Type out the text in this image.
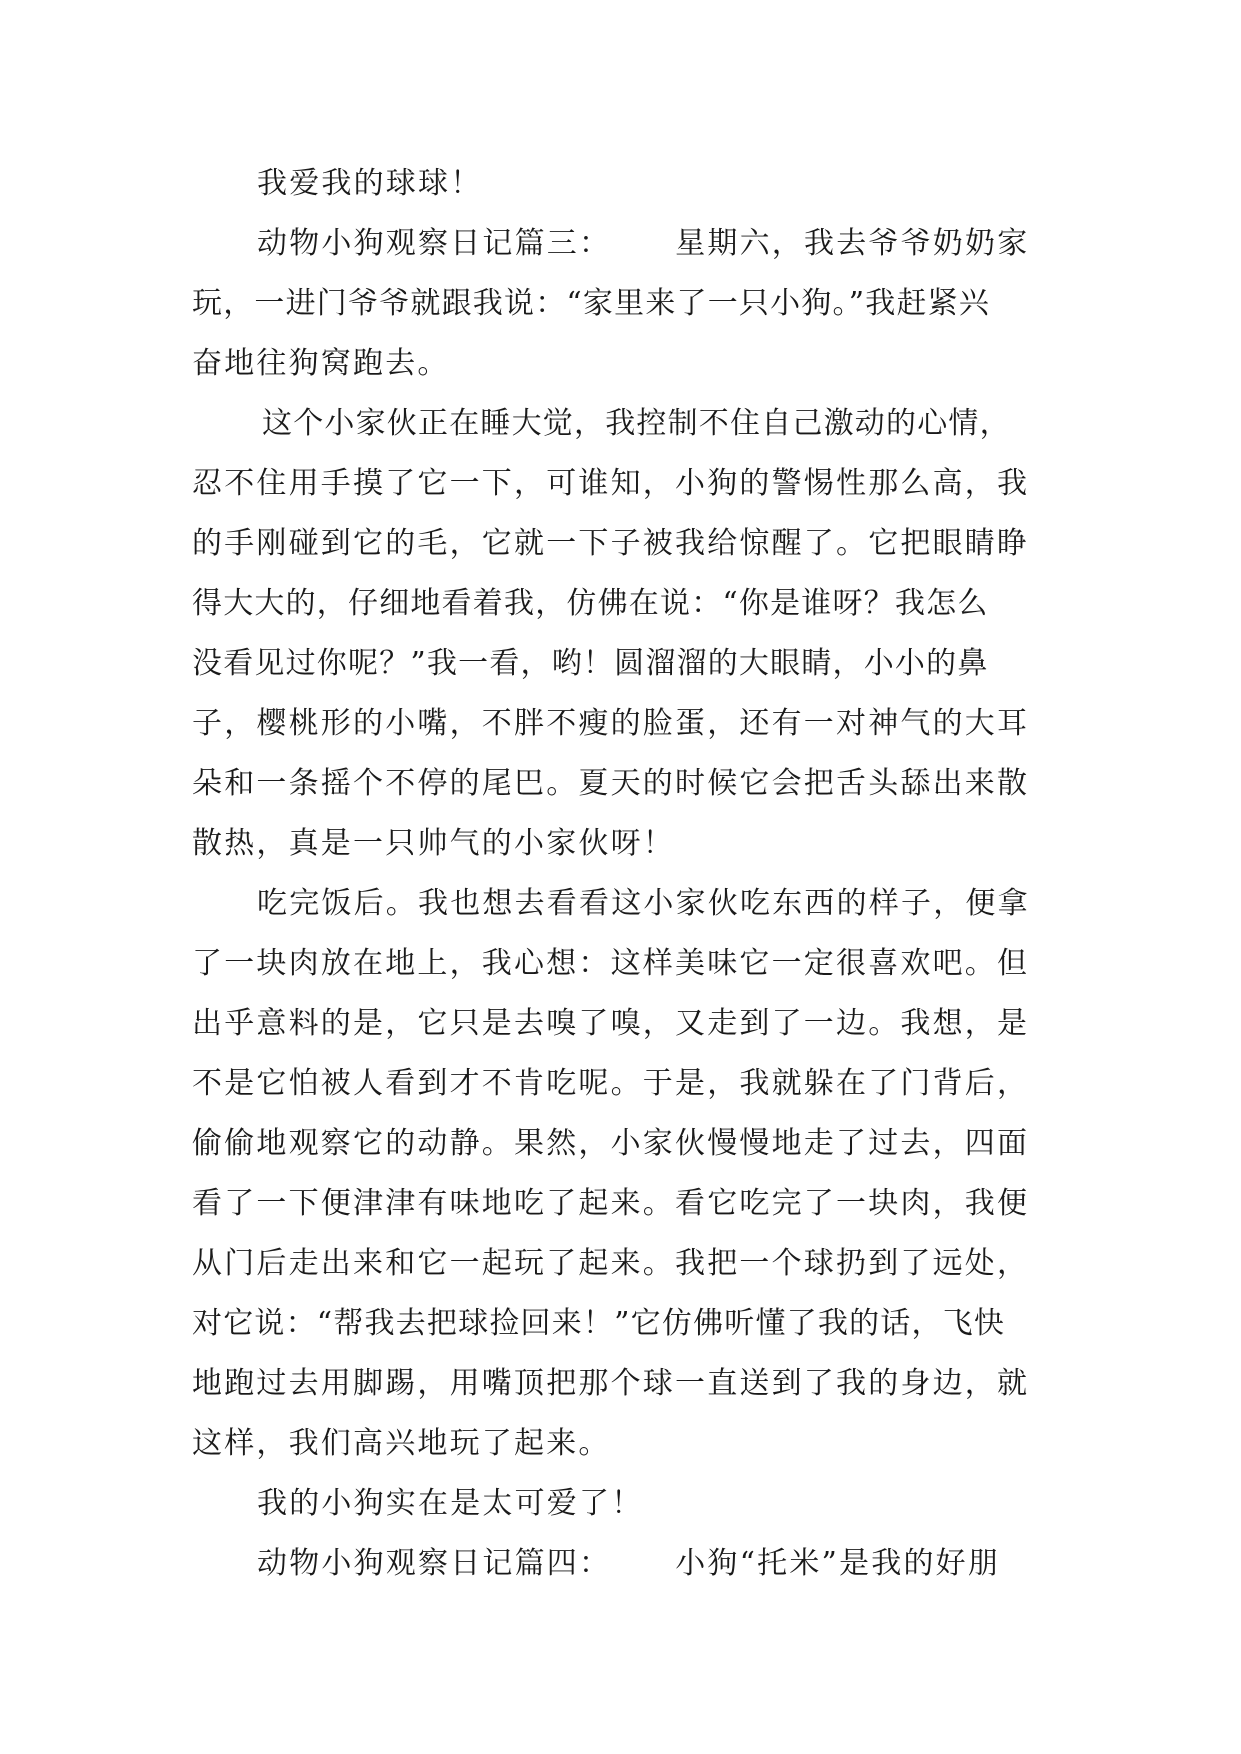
我爱我的球球！
动物小狗观察日记篇三： 星期六，我去爷爷奶奶家
玩，一进门爷爷就跟我说：“家里来了一只小狗。”我赶紧兴
奋地往狗窝跑去。
这个小家伙正在睡大觉，我控制不住自己激动的心情，
忍不住用手摸了它一下，可谁知，小狗的警惕性那么高，我
的手刚碰到它的毛，它就一下子被我给惊醒了。它把眼睛睁
得大大的，仔细地看着我，仿佛在说：“你是谁呀？我怎么
没看见过你呢？”我一看，哟！圆溜溜的大眼睛，小小的鼻
子，樱桃形的小嘴，不胖不瘦的脸蛋，还有一对神气的大耳
朵和一条摇个不停的尾巴。夏天的时候它会把舌头舔出来散
散热，真是一只帅气的小家伙呀！
吃完饭后。我也想去看看这小家伙吃东西的样子，便拿
了一块肉放在地上，我心想：这样美味它一定很喜欢吧。但
出乎意料的是，它只是去嗅了嗅，又走到了一边。我想，是
不是它怕被人看到才不肯吃呢。于是，我就躲在了门背后，
偷偷地观察它的动静。果然，小家伙慢慢地走了过去，四面
看了一下便津津有味地吃了起来。看它吃完了一块肉，我便
从门后走出来和它一起玩了起来。我把一个球扔到了远处，
对它说：“帮我去把球捡回来！”它仿佛听懂了我的话，飞快
地跑过去用脚踢，用嘴顶把那个球一直送到了我的身边，就
这样，我们高兴地玩了起来。
我的小狗实在是太可爱了！
动物小狗观察日记篇四： 小狗“托米”是我的好朋
